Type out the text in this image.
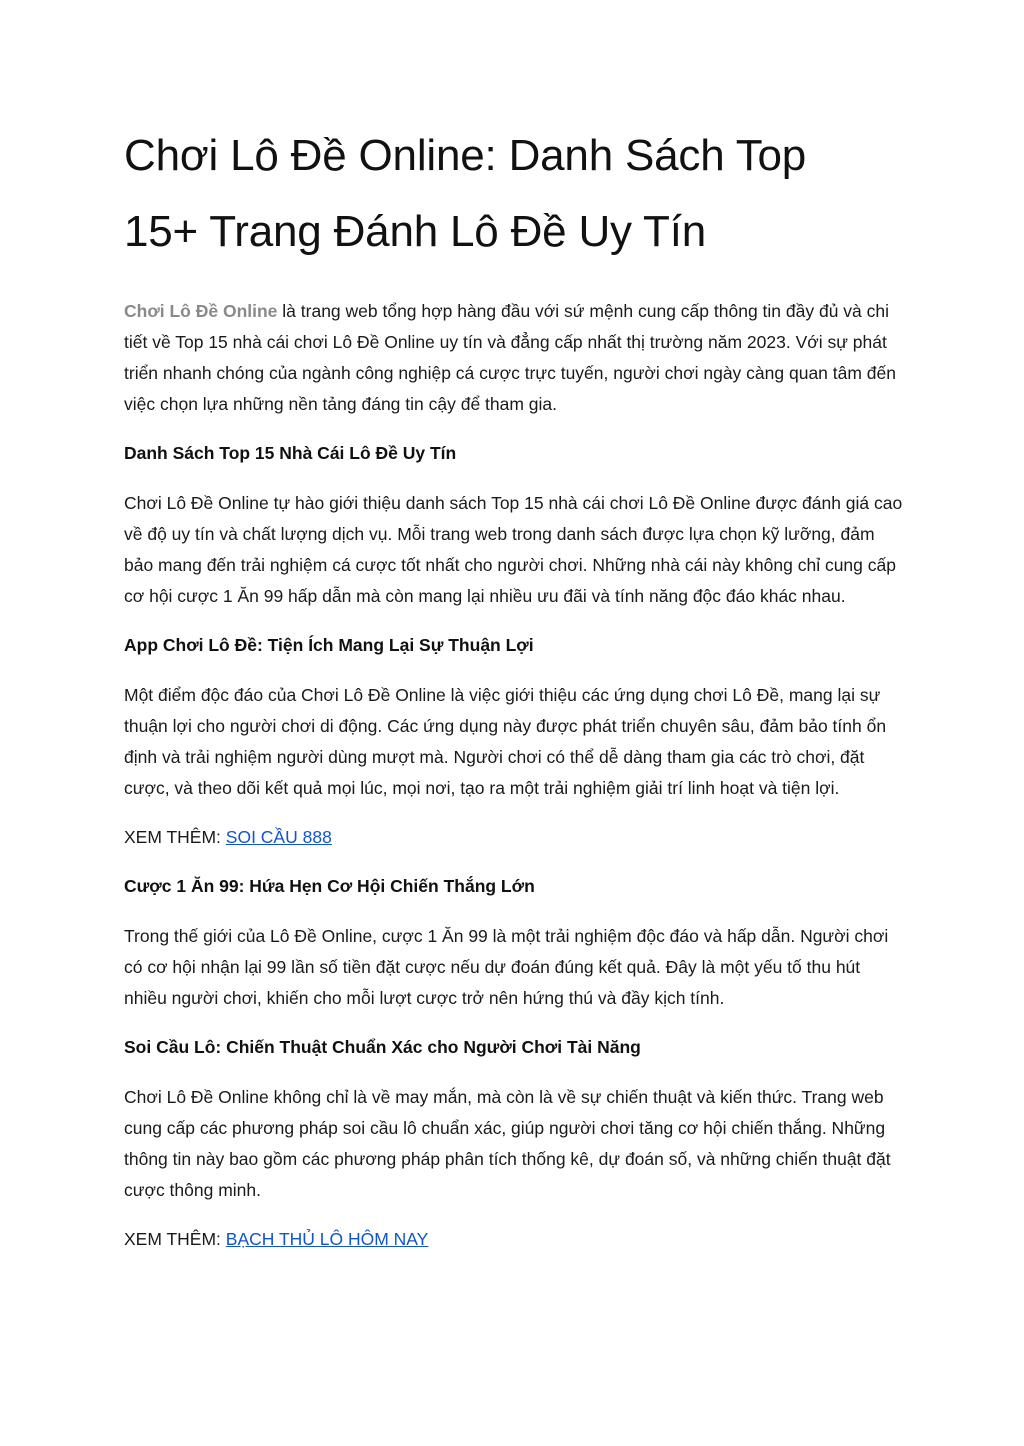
Chơi Lô Đề Online: Danh Sách Top
15+ Trang Đánh Lô Đề Uy Tín

Chơi Lô Đề Online là trang web tổng hợp hàng đầu với sứ mệnh cung cấp thông tin đầy đủ và chi tiết về Top 15 nhà cái chơi Lô Đề Online uy tín và đẳng cấp nhất thị trường năm 2023. Với sự phát triển nhanh chóng của ngành công nghiệp cá cược trực tuyến, người chơi ngày càng quan tâm đến việc chọn lựa những nền tảng đáng tin cậy để tham gia.

Danh Sách Top 15 Nhà Cái Lô Đề Uy Tín

Chơi Lô Đề Online tự hào giới thiệu danh sách Top 15 nhà cái chơi Lô Đề Online được đánh giá cao về độ uy tín và chất lượng dịch vụ. Mỗi trang web trong danh sách được lựa chọn kỹ lưỡng, đảm bảo mang đến trải nghiệm cá cược tốt nhất cho người chơi. Những nhà cái này không chỉ cung cấp cơ hội cược 1 Ăn 99 hấp dẫn mà còn mang lại nhiều ưu đãi và tính năng độc đáo khác nhau.

App Chơi Lô Đề: Tiện Ích Mang Lại Sự Thuận Lợi

Một điểm độc đáo của Chơi Lô Đề Online là việc giới thiệu các ứng dụng chơi Lô Đề, mang lại sự thuận lợi cho người chơi di động. Các ứng dụng này được phát triển chuyên sâu, đảm bảo tính ổn định và trải nghiệm người dùng mượt mà. Người chơi có thể dễ dàng tham gia các trò chơi, đặt cược, và theo dõi kết quả mọi lúc, mọi nơi, tạo ra một trải nghiệm giải trí linh hoạt và tiện lợi.

XEM THÊM: SOI CẦU 888

Cược 1 Ăn 99: Hứa Hẹn Cơ Hội Chiến Thắng Lớn

Trong thế giới của Lô Đề Online, cược 1 Ăn 99 là một trải nghiệm độc đáo và hấp dẫn. Người chơi có cơ hội nhận lại 99 lần số tiền đặt cược nếu dự đoán đúng kết quả. Đây là một yếu tố thu hút nhiều người chơi, khiến cho mỗi lượt cược trở nên hứng thú và đầy kịch tính.

Soi Cầu Lô: Chiến Thuật Chuẩn Xác cho Người Chơi Tài Năng

Chơi Lô Đề Online không chỉ là về may mắn, mà còn là về sự chiến thuật và kiến thức. Trang web cung cấp các phương pháp soi cầu lô chuẩn xác, giúp người chơi tăng cơ hội chiến thắng. Những thông tin này bao gồm các phương pháp phân tích thống kê, dự đoán số, và những chiến thuật đặt cược thông minh.

XEM THÊM: BẠCH THỦ LÔ HÔM NAY
